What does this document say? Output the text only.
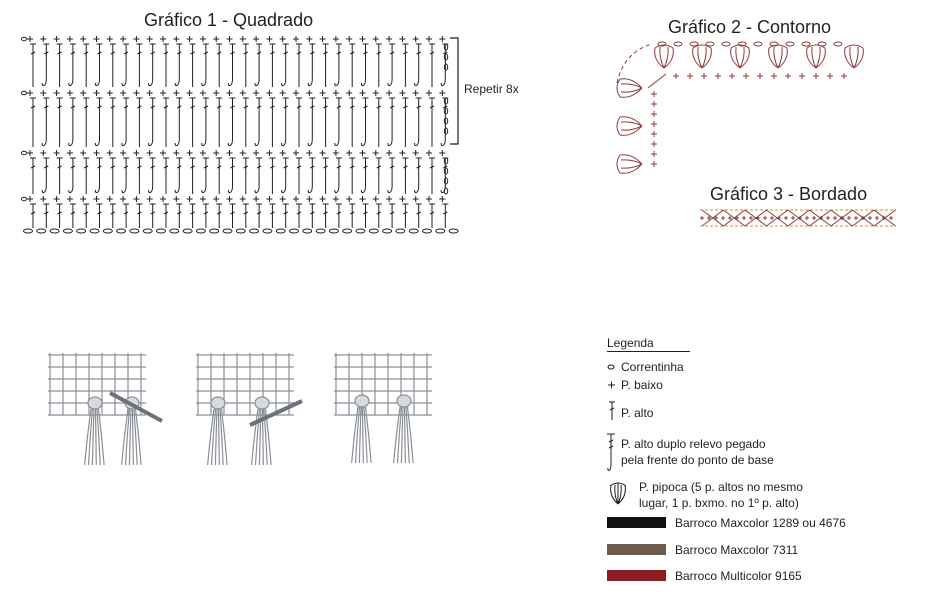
Gráfico 1 - Quadrado
Repetir 8x
Gráfico 2 - Contorno
Gráfico 3 - Bordado
Legenda
Correntinha
P. baixo
P. alto
P. alto duplo relevo pegado
pela frente do ponto de base
P. pipoca (5 p. altos no mesmo
lugar, 1 p. bxmo. no 1º p. alto)
Barroco Maxcolor 1289 ou 4676
Barroco Maxcolor 7311
Barroco Multicolor 9165
